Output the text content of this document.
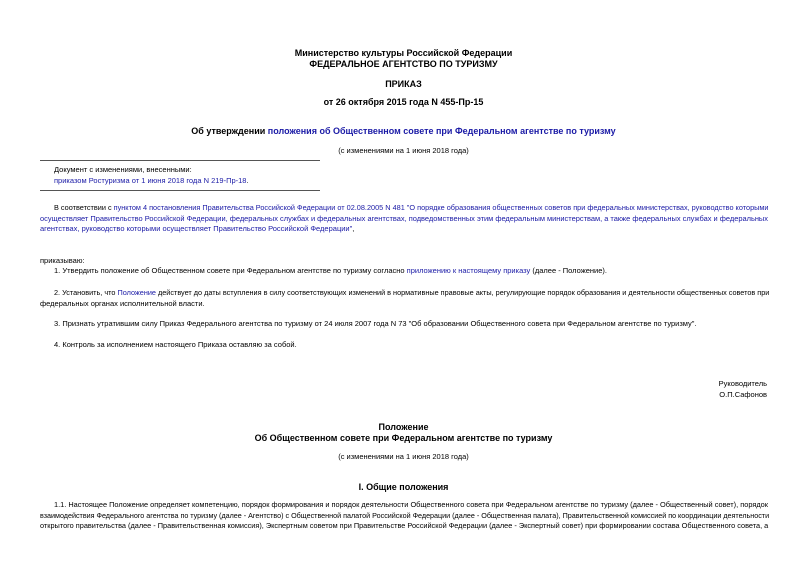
Министерство культуры Российской Федерации
ФЕДЕРАЛЬНОЕ АГЕНТСТВО ПО ТУРИЗМУ
ПРИКАЗ
от 26 октября 2015 года N 455-Пр-15
Об утверждении положения об Общественном совете при Федеральном агентстве по туризму
(с изменениями на 1 июня 2018 года)
Документ с изменениями, внесенными:
приказом Ростуризма от 1 июня 2018 года N 219-Пр-18.
В соответствии с пунктом 4 постановления Правительства Российской Федерации от 02.08.2005 N 481 "О порядке образования общественных советов при федеральных министерствах, руководство которыми
осуществляет Правительство Российской Федерации, федеральных службах и федеральных агентствах, подведомственных этим федеральным министерствам, а также федеральных службах и федеральных
агентствах, руководство которыми осуществляет Правительство Российской Федерации",
приказываю:
1. Утвердить положение об Общественном совете при Федеральном агентстве по туризму согласно приложению к настоящему приказу (далее - Положение).
2. Установить, что Положение действует до даты вступления в силу соответствующих изменений в нормативные правовые акты, регулирующие порядок образования и деятельности общественных советов при
федеральных органах исполнительной власти.
3. Признать утратившим силу Приказ Федерального агентства по туризму от 24 июля 2007 года N 73 "Об образовании Общественного совета при Федеральном агентстве по туризму".
4. Контроль за исполнением настоящего Приказа оставляю за собой.
Руководитель
О.П.Сафонов
Положение
Об Общественном совете при Федеральном агентстве по туризму
(с изменениями на 1 июня 2018 года)
I. Общие положения
1.1. Настоящее Положение определяет компетенцию, порядок формирования и порядок деятельности Общественного совета при Федеральном агентстве по туризму (далее - Общественный совет), порядок
взаимодействия Федерального агентства по туризму (далее - Агентство) с Общественной палатой Российской Федерации (далее - Общественная палата), Правительственной комиссией по координации деятельности
открытого правительства (далее - Правительственная комиссия), Экспертным советом при Правительстве Российской Федерации (далее - Экспертный совет) при формировании состава Общественного совета, а
